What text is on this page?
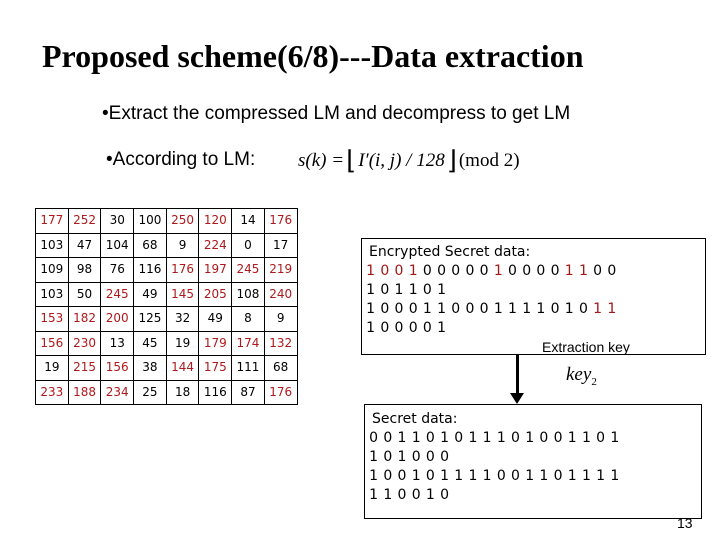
Proposed scheme(6/8)---Data extraction
•Extract the compressed LM and decompress to get LM
•According to LM: s(k) = ⌊ I′(i, j) / 128 ⌋ (mod 2)
177	252	30	100	250	120	14	176
103	47	104	68	9	224	0	17
109	98	76	116	176	197	245	219
103	50	245	49	145	205	108	240
153	182	200	125	32	49	8	9
156	230	13	45	19	179	174	132
19	215	156	38	144	175	111	68
233	188	234	25	18	116	87	176
Encrypted Secret data:
1 0 0 1 0 0 0 0 0 1 0 0 0 0 1 1 0 0
1 0 1 1 0 1
1 0 0 0 1 1 0 0 0 1 1 1 1 0 1 0 1 1
1 0 0 0 0 1
Extraction key
key$_2$
Secret data:
0 0 1 1 0 1 0 1 1 1 0 1 0 0 1 1 0 1
1 0 1 0 0 0
1 0 0 1 0 1 1 1 1 0 0 1 1 0 1 1 1 1
1 1 0 0 1 0
13
